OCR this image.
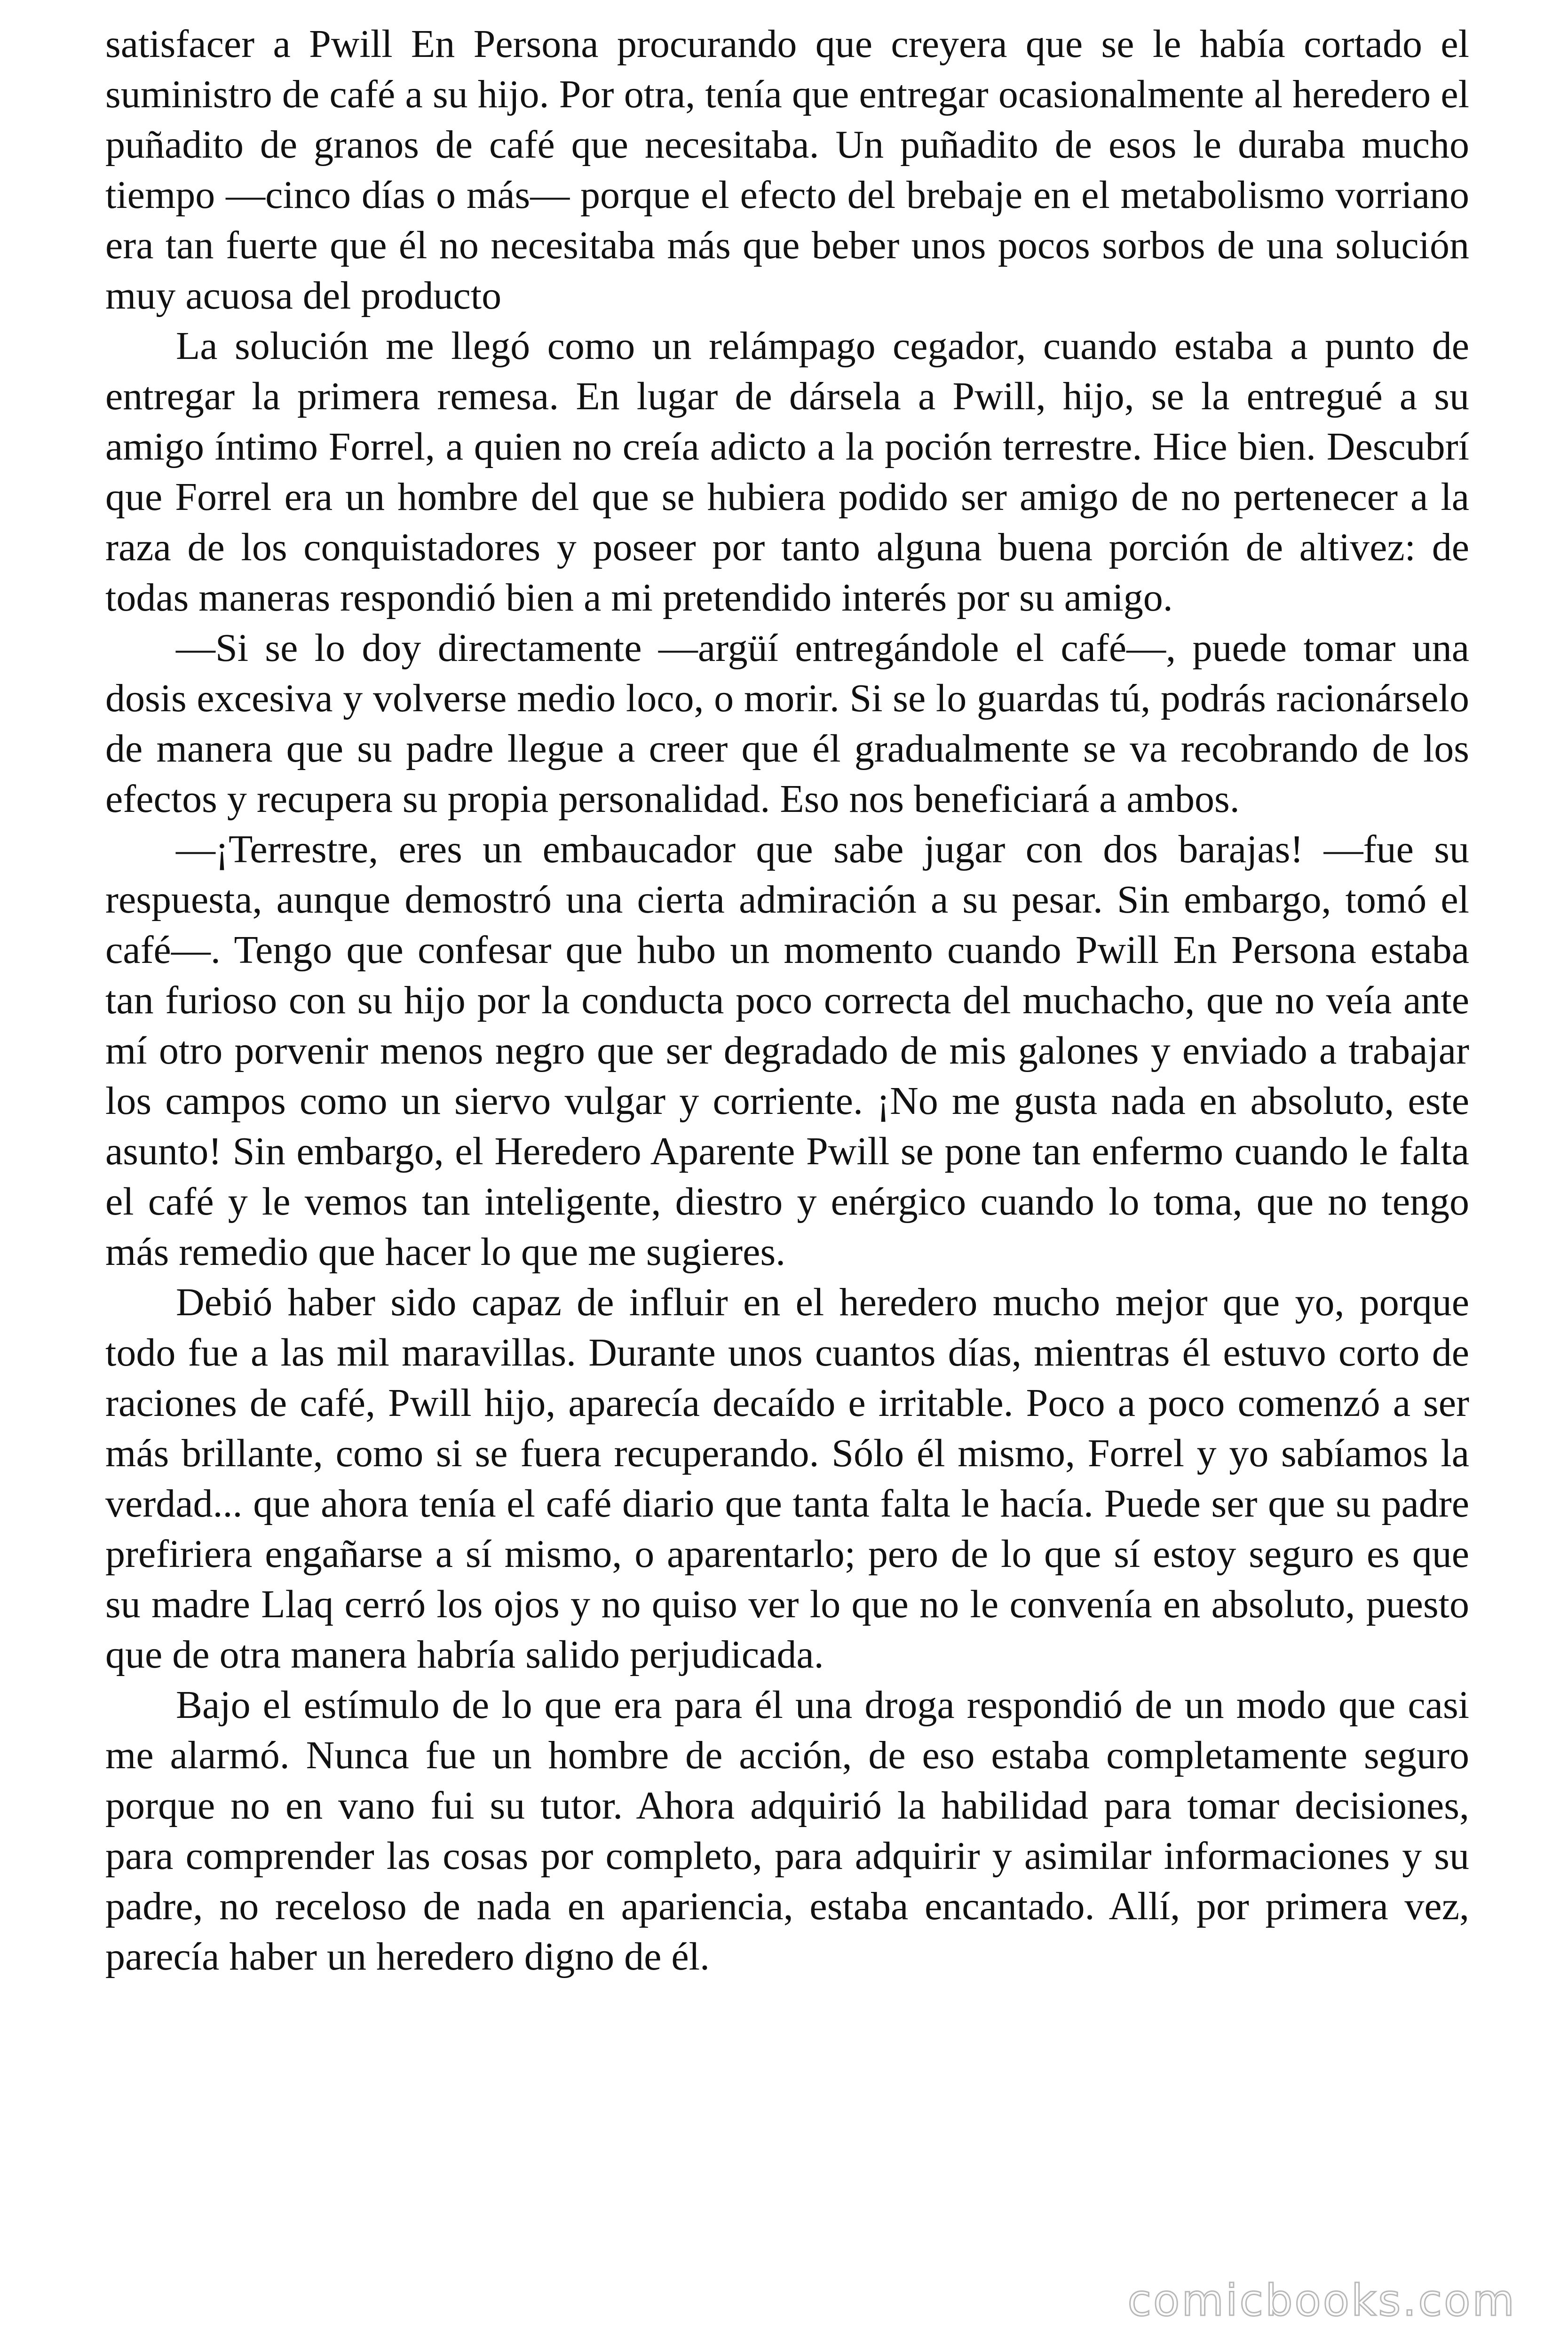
satisfacer a Pwill En Persona procurando que creyera que se le había cortado el suministro de café a su hijo. Por otra, tenía que entregar ocasionalmente al heredero el puñadito de granos de café que necesitaba. Un puñadito de esos le duraba mucho tiempo —cinco días o más— porque el efecto del brebaje en el metabolismo vorriano era tan fuerte que él no necesitaba más que beber unos pocos sorbos de una solución muy acuosa del producto

La solución me llegó como un relámpago cegador, cuando estaba a punto de entregar la primera remesa. En lugar de dársela a Pwill, hijo, se la entregué a su amigo íntimo Forrel, a quien no creía adicto a la poción terrestre. Hice bien. Descubrí que Forrel era un hombre del que se hubiera podido ser amigo de no pertenecer a la raza de los conquistadores y poseer por tanto alguna buena porción de altivez: de todas maneras respondió bien a mi pretendido interés por su amigo.

—Si se lo doy directamente —argüí entregándole el café—, puede tomar una dosis excesiva y volverse medio loco, o morir. Si se lo guardas tú, podrás racionárselo de manera que su padre llegue a creer que él gradualmente se va recobrando de los efectos y recupera su propia personalidad. Eso nos beneficiará a ambos.

—¡Terrestre, eres un embaucador que sabe jugar con dos barajas! —fue su respuesta, aunque demostró una cierta admiración a su pesar. Sin embargo, tomó el café—. Tengo que confesar que hubo un momento cuando Pwill En Persona estaba tan furioso con su hijo por la conducta poco correcta del muchacho, que no veía ante mí otro porvenir menos negro que ser degradado de mis galones y enviado a trabajar los campos como un siervo vulgar y corriente. ¡No me gusta nada en absoluto, este asunto! Sin embargo, el Heredero Aparente Pwill se pone tan enfermo cuando le falta el café y le vemos tan inteligente, diestro y enérgico cuando lo toma, que no tengo más remedio que hacer lo que me sugieres.

Debió haber sido capaz de influir en el heredero mucho mejor que yo, porque todo fue a las mil maravillas. Durante unos cuantos días, mientras él estuvo corto de raciones de café, Pwill hijo, aparecía decaído e irritable. Poco a poco comenzó a ser más brillante, como si se fuera recuperando. Sólo él mismo, Forrel y yo sabíamos la verdad... que ahora tenía el café diario que tanta falta le hacía. Puede ser que su padre prefiriera engañarse a sí mismo, o aparentarlo; pero de lo que sí estoy seguro es que su madre Llaq cerró los ojos y no quiso ver lo que no le convenía en absoluto, puesto que de otra manera habría salido perjudicada.

Bajo el estímulo de lo que era para él una droga respondió de un modo que casi me alarmó. Nunca fue un hombre de acción, de eso estaba completamente seguro porque no en vano fui su tutor. Ahora adquirió la habilidad para tomar decisiones, para comprender las cosas por completo, para adquirir y asimilar informaciones y su padre, no receloso de nada en apariencia, estaba encantado. Allí, por primera vez, parecía haber un heredero digno de él.

comicbooks.com
